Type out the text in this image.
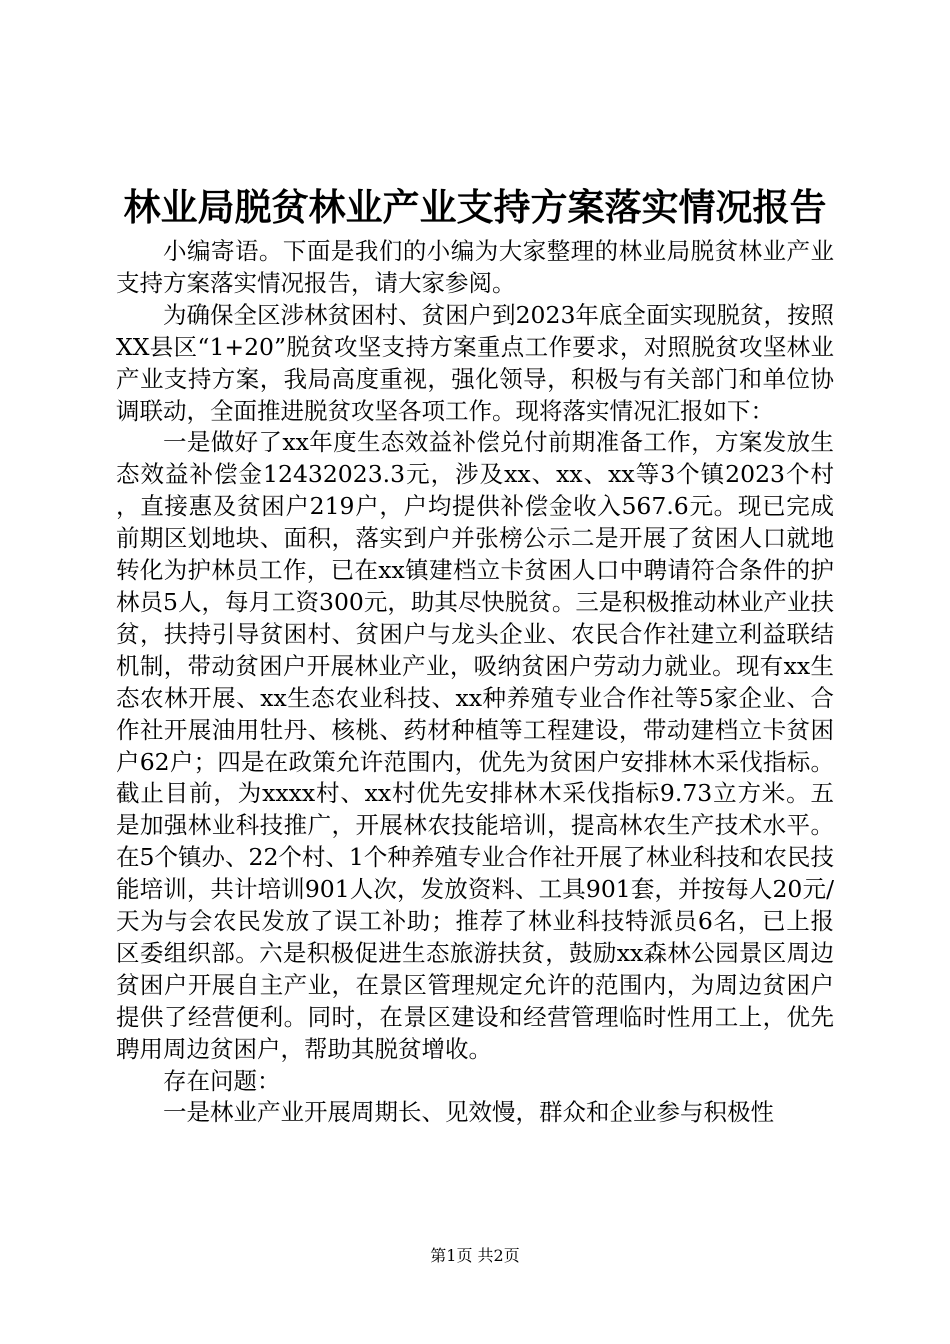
林业局脱贫林业产业支持方案落实情况报告

小编寄语。下面是我们的小编为大家整理的林业局脱贫林业产业支持方案落实情况报告，请大家参阅。

为确保全区涉林贫困村、贫困户到2023年底全面实现脱贫，按照XX县区“1+20”脱贫攻坚支持方案重点工作要求，对照脱贫攻坚林业产业支持方案，我局高度重视，强化领导，积极与有关部门和单位协调联动，全面推进脱贫攻坚各项工作。现将落实情况汇报如下：

一是做好了xx年度生态效益补偿兑付前期准备工作，方案发放生态效益补偿金12432023.3元，涉及xx、xx、xx等3个镇2023个村，直接惠及贫困户219户，户均提供补偿金收入567.6元。现已完成前期区划地块、面积，落实到户并张榜公示二是开展了贫困人口就地转化为护林员工作，已在xx镇建档立卡贫困人口中聘请符合条件的护林员5人，每月工资300元，助其尽快脱贫。三是积极推动林业产业扶贫，扶持引导贫困村、贫困户与龙头企业、农民合作社建立利益联结机制，带动贫困户开展林业产业，吸纳贫困户劳动力就业。现有xx生态农林开展、xx生态农业科技、xx种养殖专业合作社等5家企业、合作社开展油用牡丹、核桃、药材种植等工程建设，带动建档立卡贫困户62户；四是在政策允许范围内，优先为贫困户安排林木采伐指标。截止目前，为xxxx村、xx村优先安排林木采伐指标9.73立方米。五是加强林业科技推广，开展林农技能培训，提高林农生产技术水平。在5个镇办、22个村、1个种养殖专业合作社开展了林业科技和农民技能培训，共计培训901人次，发放资料、工具901套，并按每人20元/天为与会农民发放了误工补助；推荐了林业科技特派员6名，已上报区委组织部。六是积极促进生态旅游扶贫，鼓励xx森林公园景区周边贫困户开展自主产业，在景区管理规定允许的范围内，为周边贫困户提供了经营便利。同时，在景区建设和经营管理临时性用工上，优先聘用周边贫困户，帮助其脱贫增收。

存在问题：

一是林业产业开展周期长、见效慢，群众和企业参与积极性

第1页 共2页
